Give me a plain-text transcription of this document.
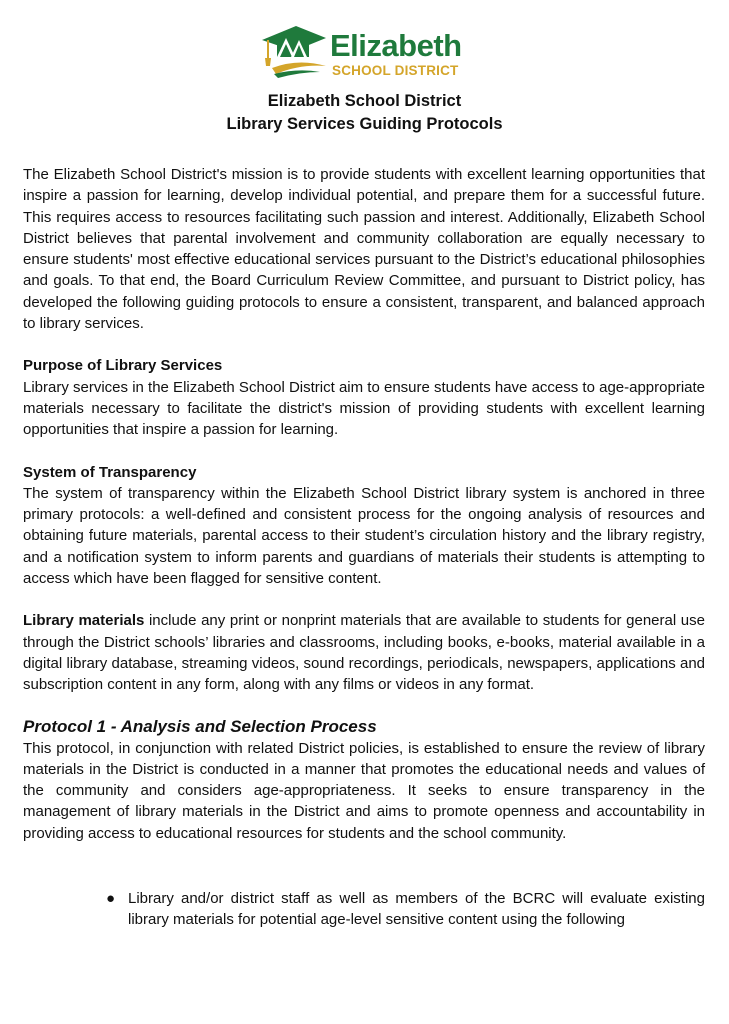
Elizabeth
SCHOOL DISTRICT
Elizabeth School District
Library Services Guiding Protocols

The Elizabeth School District's mission is to provide students with excellent learning opportunities that inspire a passion for learning, develop individual potential, and prepare them for a successful future. This requires access to resources facilitating such passion and interest. Additionally, Elizabeth School District believes that parental involvement and community collaboration are equally necessary to ensure students' most effective educational services pursuant to the District’s educational philosophies and goals. To that end, the Board Curriculum Review Committee, and pursuant to District policy, has developed the following guiding protocols to ensure a consistent, transparent, and balanced approach to library services.

Purpose of Library Services

Library services in the Elizabeth School District aim to ensure students have access to age-appropriate materials necessary to facilitate the district's mission of providing students with excellent learning opportunities that inspire a passion for learning.

System of Transparency

The system of transparency within the Elizabeth School District library system is anchored in three primary protocols: a well-defined and consistent process for the ongoing analysis of resources and obtaining future materials, parental access to their student’s circulation history and the library registry, and a notification system to inform parents and guardians of materials their students is attempting to access which have been flagged for sensitive content.

Library materials include any print or nonprint materials that are available to students for general use through the District schools’ libraries and classrooms, including books, e-books, material available in a digital library database, streaming videos, sound recordings, periodicals, newspapers, applications and subscription content in any form, along with any films or videos in any format.

Protocol 1 - Analysis and Selection Process

This protocol, in conjunction with related District policies, is established to ensure the review of library materials in the District is conducted in a manner that promotes the educational needs and values of the community and considers age-appropriateness. It seeks to ensure transparency in the management of library materials in the District and aims to promote openness and accountability in providing access to educational resources for students and the school community.

● Library and/or district staff as well as members of the BCRC will evaluate existing library materials for potential age-level sensitive content using the following
